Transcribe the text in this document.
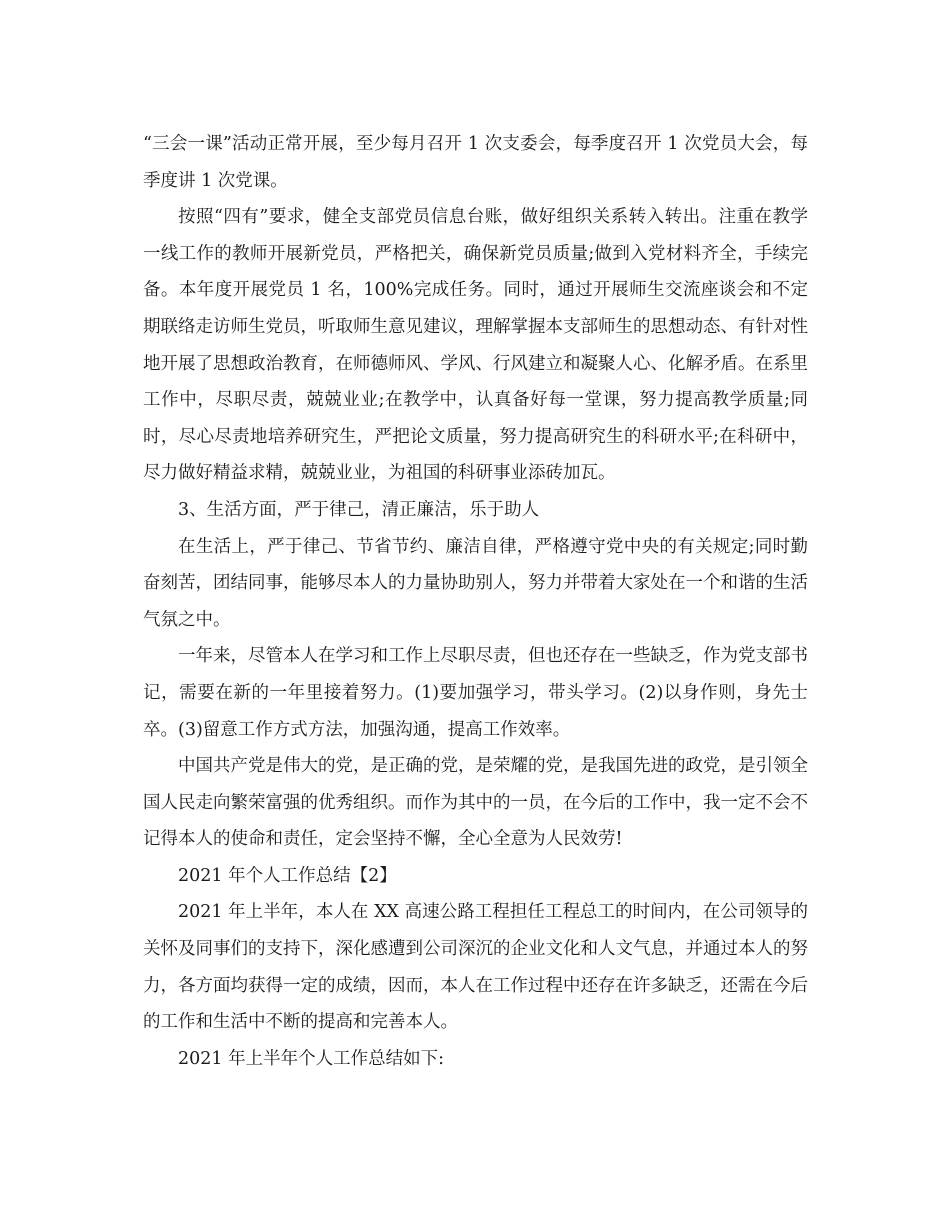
“三会一课”活动正常开展，至少每月召开 1 次支委会，每季度召开 1 次党员大会，每季度讲 1 次党课。

按照“四有”要求，健全支部党员信息台账，做好组织关系转入转出。注重在教学一线工作的教师开展新党员，严格把关，确保新党员质量;做到入党材料齐全，手续完备。本年度开展党员 1 名，100%完成任务。同时，通过开展师生交流座谈会和不定期联络走访师生党员，听取师生意见建议，理解掌握本支部师生的思想动态、有针对性地开展了思想政治教育，在师德师风、学风、行风建立和凝聚人心、化解矛盾。在系里工作中，尽职尽责，兢兢业业;在教学中，认真备好每一堂课，努力提高教学质量;同时，尽心尽责地培养研究生，严把论文质量，努力提高研究生的科研水平;在科研中，尽力做好精益求精，兢兢业业，为祖国的科研事业添砖加瓦。

3、生活方面，严于律己，清正廉洁，乐于助人

在生活上，严于律己、节省节约、廉洁自律，严格遵守党中央的有关规定;同时勤奋刻苦，团结同事，能够尽本人的力量协助别人，努力并带着大家处在一个和谐的生活气氛之中。

一年来，尽管本人在学习和工作上尽职尽责，但也还存在一些缺乏，作为党支部书记，需要在新的一年里接着努力。(1)要加强学习，带头学习。(2)以身作则，身先士卒。(3)留意工作方式方法，加强沟通，提高工作效率。

中国共产党是伟大的党，是正确的党，是荣耀的党，是我国先进的政党，是引领全国人民走向繁荣富强的优秀组织。而作为其中的一员，在今后的工作中，我一定不会不记得本人的使命和责任，定会坚持不懈，全心全意为人民效劳!

2021 年个人工作总结【2】

2021 年上半年，本人在 XX 高速公路工程担任工程总工的时间内，在公司领导的关怀及同事们的支持下，深化感遭到公司深沉的企业文化和人文气息，并通过本人的努力，各方面均获得一定的成绩，因而，本人在工作过程中还存在许多缺乏，还需在今后的工作和生活中不断的提高和完善本人。

2021 年上半年个人工作总结如下:
